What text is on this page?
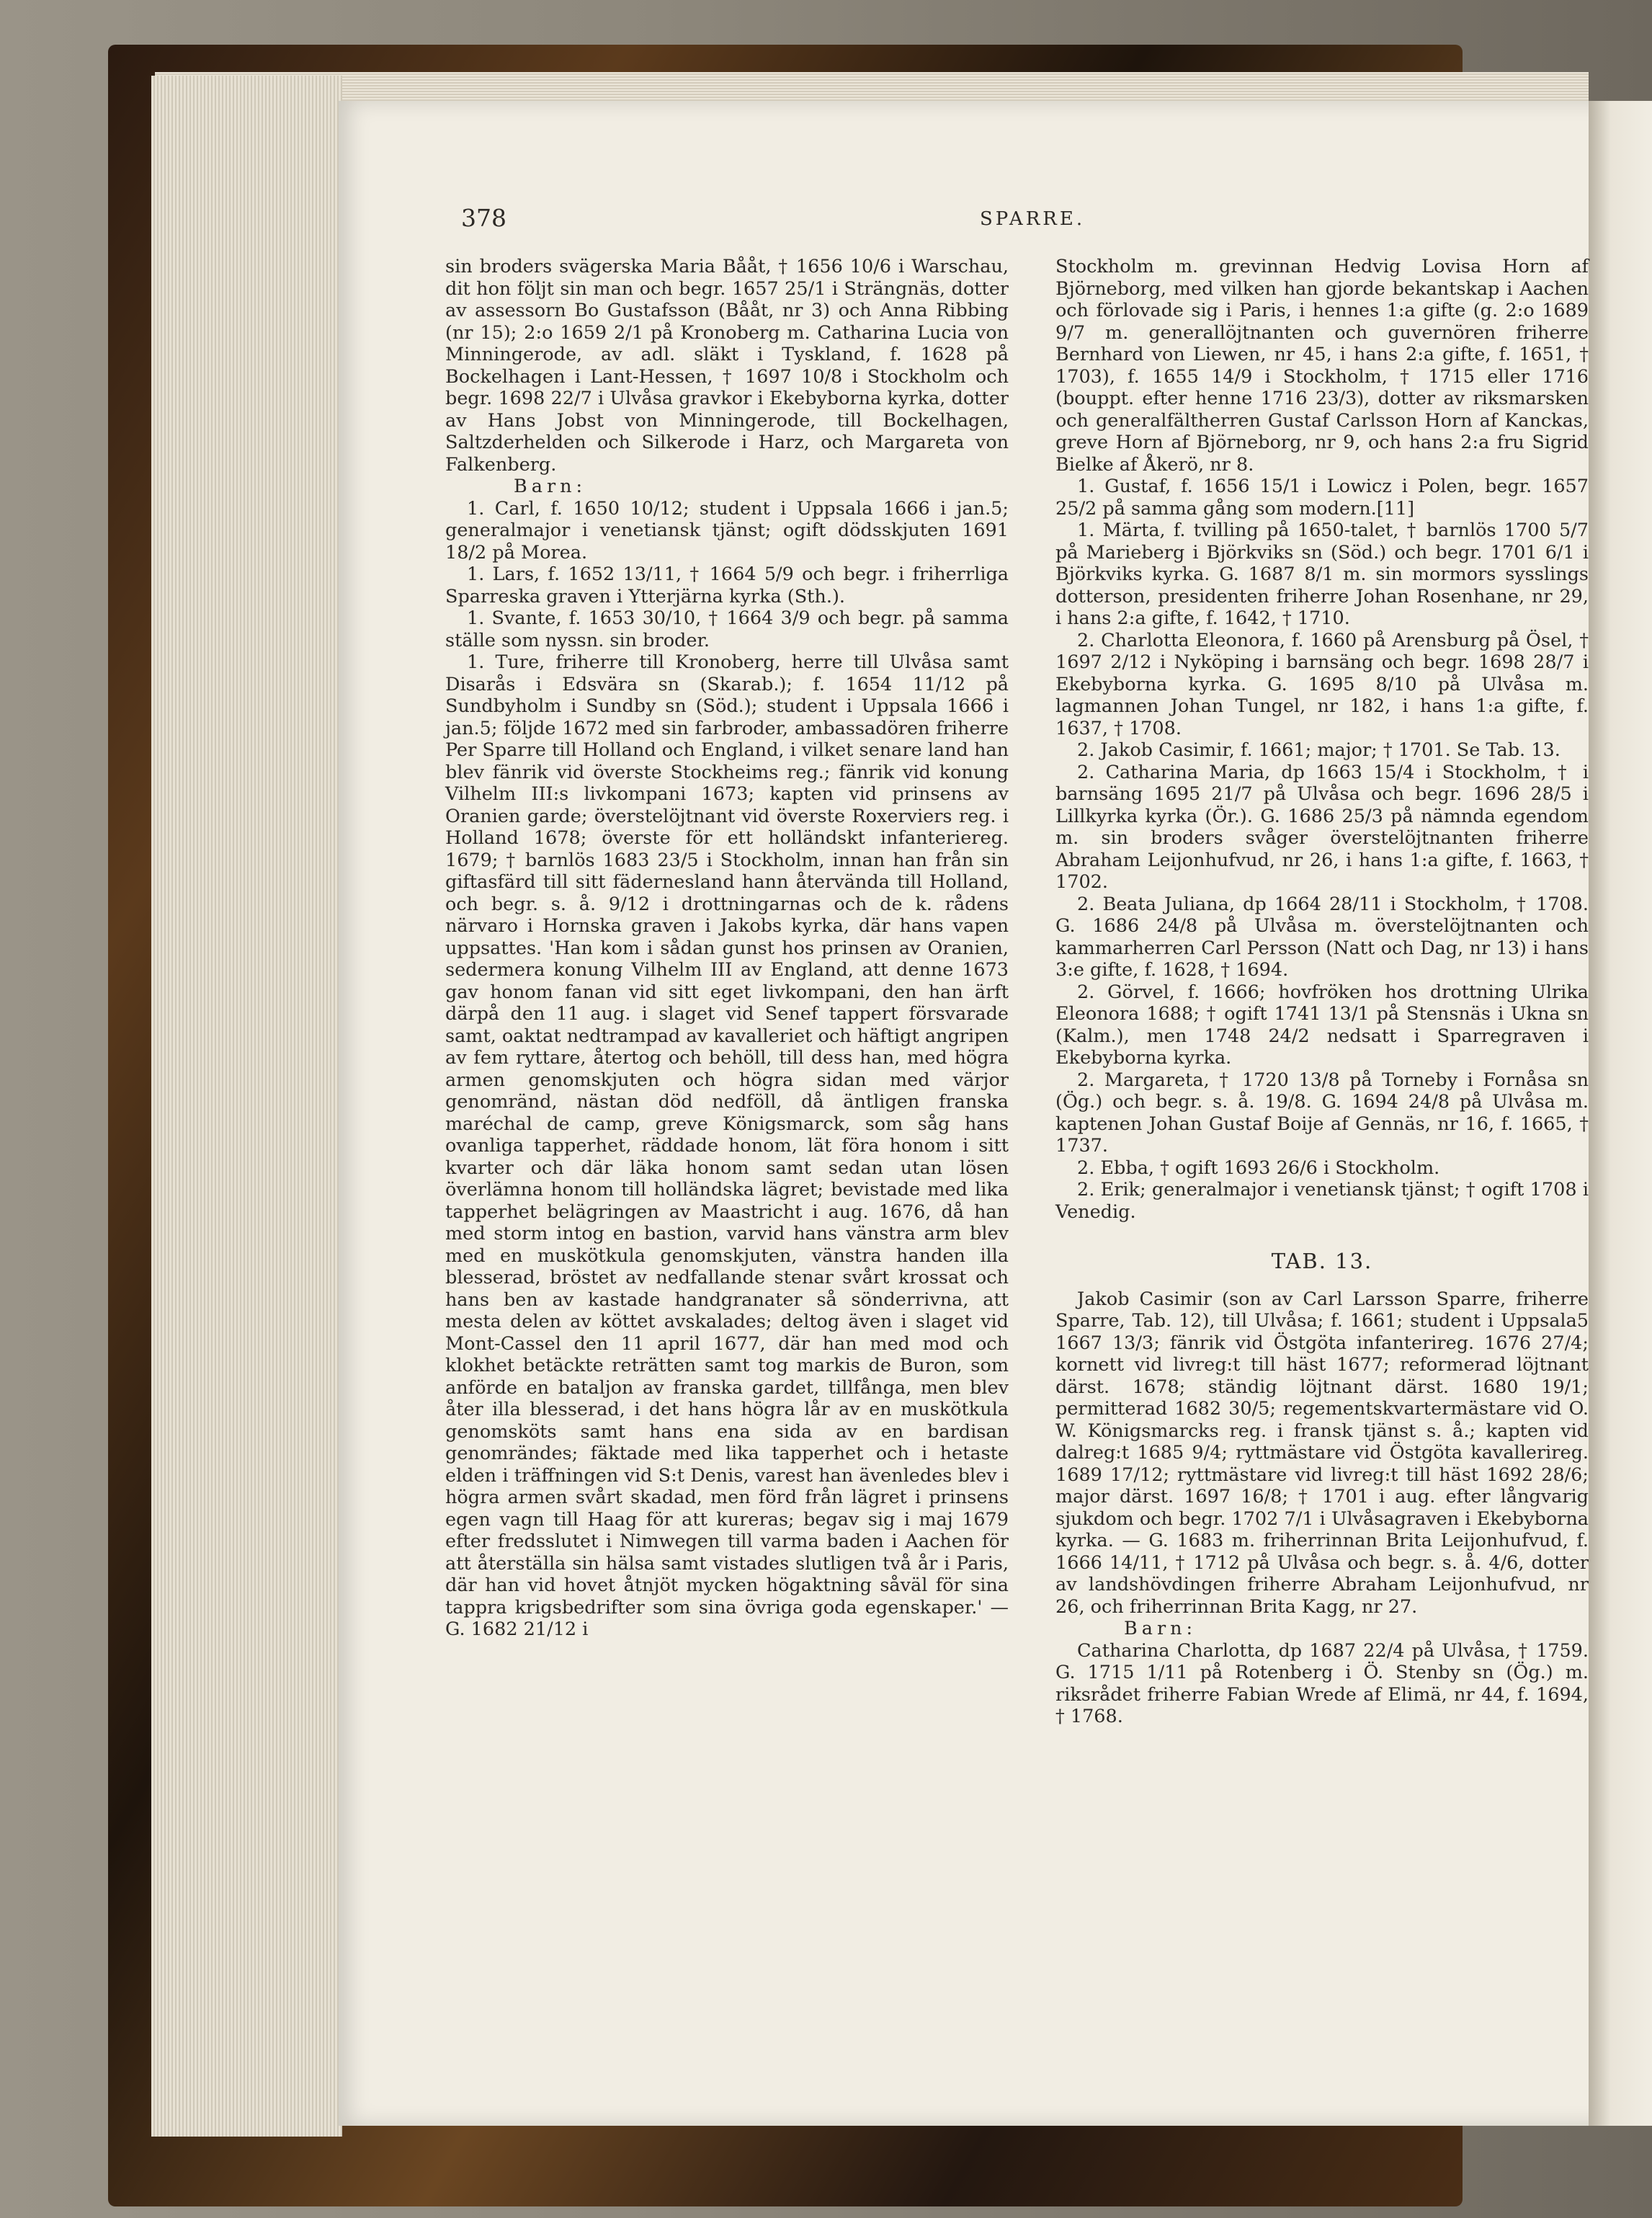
378	SPARRE.

sin broders svägerska Maria Bååt, † 1656 10/6 i Warschau, dit hon följt sin man och begr. 1657 25/1 i Strängnäs, dotter av assessorn Bo Gustafsson (Bååt, nr 3) och Anna Ribbing (nr 15); 2:o 1659 2/1 på Kronoberg m. Catharina Lucia von Minningerode, av adl. släkt i Tyskland, f. 1628 på Bockelhagen i Lant-Hessen, † 1697 10/8 i Stockholm och begr. 1698 22/7 i Ulvåsa gravkor i Ekebyborna kyrka, dotter av Hans Jobst von Minningerode, till Bockelhagen, Saltzderhelden och Silkerode i Harz, och Margareta von Falkenberg.

Barn:

1. Carl, f. 1650 10/12; student i Uppsala 1666 i jan.5; generalmajor i venetiansk tjänst; ogift dödsskjuten 1691 18/2 på Morea.

1. Lars, f. 1652 13/11, † 1664 5/9 och begr. i friherrliga Sparreska graven i Ytterjärna kyrka (Sth.).

1. Svante, f. 1653 30/10, † 1664 3/9 och begr. på samma ställe som nyssn. sin broder.

1. Ture, friherre till Kronoberg, herre till Ulvåsa samt Disarås i Edsvära sn (Skarab.); f. 1654 11/12 på Sundbyholm i Sundby sn (Söd.); student i Uppsala 1666 i jan.5; följde 1672 med sin farbroder, ambassadören friherre Per Sparre till Holland och England, i vilket senare land han blev fänrik vid överste Stockheims reg.; fänrik vid konung Vilhelm III:s livkompani 1673; kapten vid prinsens av Oranien garde; överstelöjtnant vid överste Roxerviers reg. i Holland 1678; överste för ett holländskt infanteriereg. 1679; † barnlös 1683 23/5 i Stockholm, innan han från sin giftasfärd till sitt fädernesland hann återvända till Holland, och begr. s. å. 9/12 i drottningarnas och de k. rådens närvaro i Hornska graven i Jakobs kyrka, där hans vapen uppsattes. 'Han kom i sådan gunst hos prinsen av Oranien, sedermera konung Vilhelm III av England, att denne 1673 gav honom fanan vid sitt eget livkompani, den han ärft därpå den 11 aug. i slaget vid Senef tappert försvarade samt, oaktat nedtrampad av kavalleriet och häftigt angripen av fem ryttare, återtog och behöll, till dess han, med högra armen genomskjuten och högra sidan med värjor genomränd, nästan död nedföll, då äntligen franska maréchal de camp, greve Königsmarck, som såg hans ovanliga tapperhet, räddade honom, lät föra honom i sitt kvarter och där läka honom samt sedan utan lösen överlämna honom till holländska lägret; bevistade med lika tapperhet belägringen av Maastricht i aug. 1676, då han med storm intog en bastion, varvid hans vänstra arm blev med en muskötkula genomskjuten, vänstra handen illa blesserad, bröstet av nedfallande stenar svårt krossat och hans ben av kastade handgranater så sönderrivna, att mesta delen av köttet avskalades; deltog även i slaget vid Mont-Cassel den 11 april 1677, där han med mod och klokhet betäckte reträtten samt tog markis de Buron, som anförde en bataljon av franska gardet, tillfånga, men blev åter illa blesserad, i det hans högra lår av en muskötkula genomsköts samt hans ena sida av en bardisan genomrändes; fäktade med lika tapperhet och i hetaste elden i träffningen vid S:t Denis, varest han ävenledes blev i högra armen svårt skadad, men förd från lägret i prinsens egen vagn till Haag för att kureras; begav sig i maj 1679 efter fredsslutet i Nimwegen till varma baden i Aachen för att återställa sin hälsa samt vistades slutligen två år i Paris, där han vid hovet åtnjöt mycken högaktning såväl för sina tappra krigsbedrifter som sina övriga goda egenskaper.' — G. 1682 21/12 i

Stockholm m. grevinnan Hedvig Lovisa Horn af Björneborg, med vilken han gjorde bekantskap i Aachen och förlovade sig i Paris, i hennes 1:a gifte (g. 2:o 1689 9/7 m. generallöjtnanten och guvernören friherre Bernhard von Liewen, nr 45, i hans 2:a gifte, f. 1651, † 1703), f. 1655 14/9 i Stockholm, † 1715 eller 1716 (bouppt. efter henne 1716 23/3), dotter av riksmarsken och generalfältherren Gustaf Carlsson Horn af Kanckas, greve Horn af Björneborg, nr 9, och hans 2:a fru Sigrid Bielke af Åkerö, nr 8.

1. Gustaf, f. 1656 15/1 i Lowicz i Polen, begr. 1657 25/2 på samma gång som modern.[11]

1. Märta, f. tvilling på 1650-talet, † barnlös 1700 5/7 på Marieberg i Björkviks sn (Söd.) och begr. 1701 6/1 i Björkviks kyrka. G. 1687 8/1 m. sin mormors sysslings dotterson, presidenten friherre Johan Rosenhane, nr 29, i hans 2:a gifte, f. 1642, † 1710.

2. Charlotta Eleonora, f. 1660 på Arensburg på Ösel, † 1697 2/12 i Nyköping i barnsäng och begr. 1698 28/7 i Ekebyborna kyrka. G. 1695 8/10 på Ulvåsa m. lagmannen Johan Tungel, nr 182, i hans 1:a gifte, f. 1637, † 1708.

2. Jakob Casimir, f. 1661; major; † 1701. Se Tab. 13.

2. Catharina Maria, dp 1663 15/4 i Stockholm, † i barnsäng 1695 21/7 på Ulvåsa och begr. 1696 28/5 i Lillkyrka kyrka (Ör.). G. 1686 25/3 på nämnda egendom m. sin broders svåger överstelöjtnanten friherre Abraham Leijonhufvud, nr 26, i hans 1:a gifte, f. 1663, † 1702.

2. Beata Juliana, dp 1664 28/11 i Stockholm, † 1708. G. 1686 24/8 på Ulvåsa m. överstelöjtnanten och kammarherren Carl Persson (Natt och Dag, nr 13) i hans 3:e gifte, f. 1628, † 1694.

2. Görvel, f. 1666; hovfröken hos drottning Ulrika Eleonora 1688; † ogift 1741 13/1 på Stensnäs i Ukna sn (Kalm.), men 1748 24/2 nedsatt i Sparregraven i Ekebyborna kyrka.

2. Margareta, † 1720 13/8 på Torneby i Fornåsa sn (Ög.) och begr. s. å. 19/8. G. 1694 24/8 på Ulvåsa m. kaptenen Johan Gustaf Boije af Gennäs, nr 16, f. 1665, † 1737.

2. Ebba, † ogift 1693 26/6 i Stockholm.

2. Erik; generalmajor i venetiansk tjänst; † ogift 1708 i Venedig.

TAB. 13.

Jakob Casimir (son av Carl Larsson Sparre, friherre Sparre, Tab. 12), till Ulvåsa; f. 1661; student i Uppsala5 1667 13/3; fänrik vid Östgöta infanterireg. 1676 27/4; kornett vid livreg:t till häst 1677; reformerad löjtnant därst. 1678; ständig löjtnant därst. 1680 19/1; permitterad 1682 30/5; regementskvartermästare vid O. W. Königsmarcks reg. i fransk tjänst s. å.; kapten vid dalreg:t 1685 9/4; ryttmästare vid Östgöta kavallerireg. 1689 17/12; ryttmästare vid livreg:t till häst 1692 28/6; major därst. 1697 16/8; † 1701 i aug. efter långvarig sjukdom och begr. 1702 7/1 i Ulvåsagraven i Ekebyborna kyrka. — G. 1683 m. friherrinnan Brita Leijonhufvud, f. 1666 14/11, † 1712 på Ulvåsa och begr. s. å. 4/6, dotter av landshövdingen friherre Abraham Leijonhufvud, nr 26, och friherrinnan Brita Kagg, nr 27.

Barn:

Catharina Charlotta, dp 1687 22/4 på Ulvåsa, † 1759. G. 1715 1/11 på Rotenberg i Ö. Stenby sn (Ög.) m. riksrådet friherre Fabian Wrede af Elimä, nr 44, f. 1694, † 1768.
